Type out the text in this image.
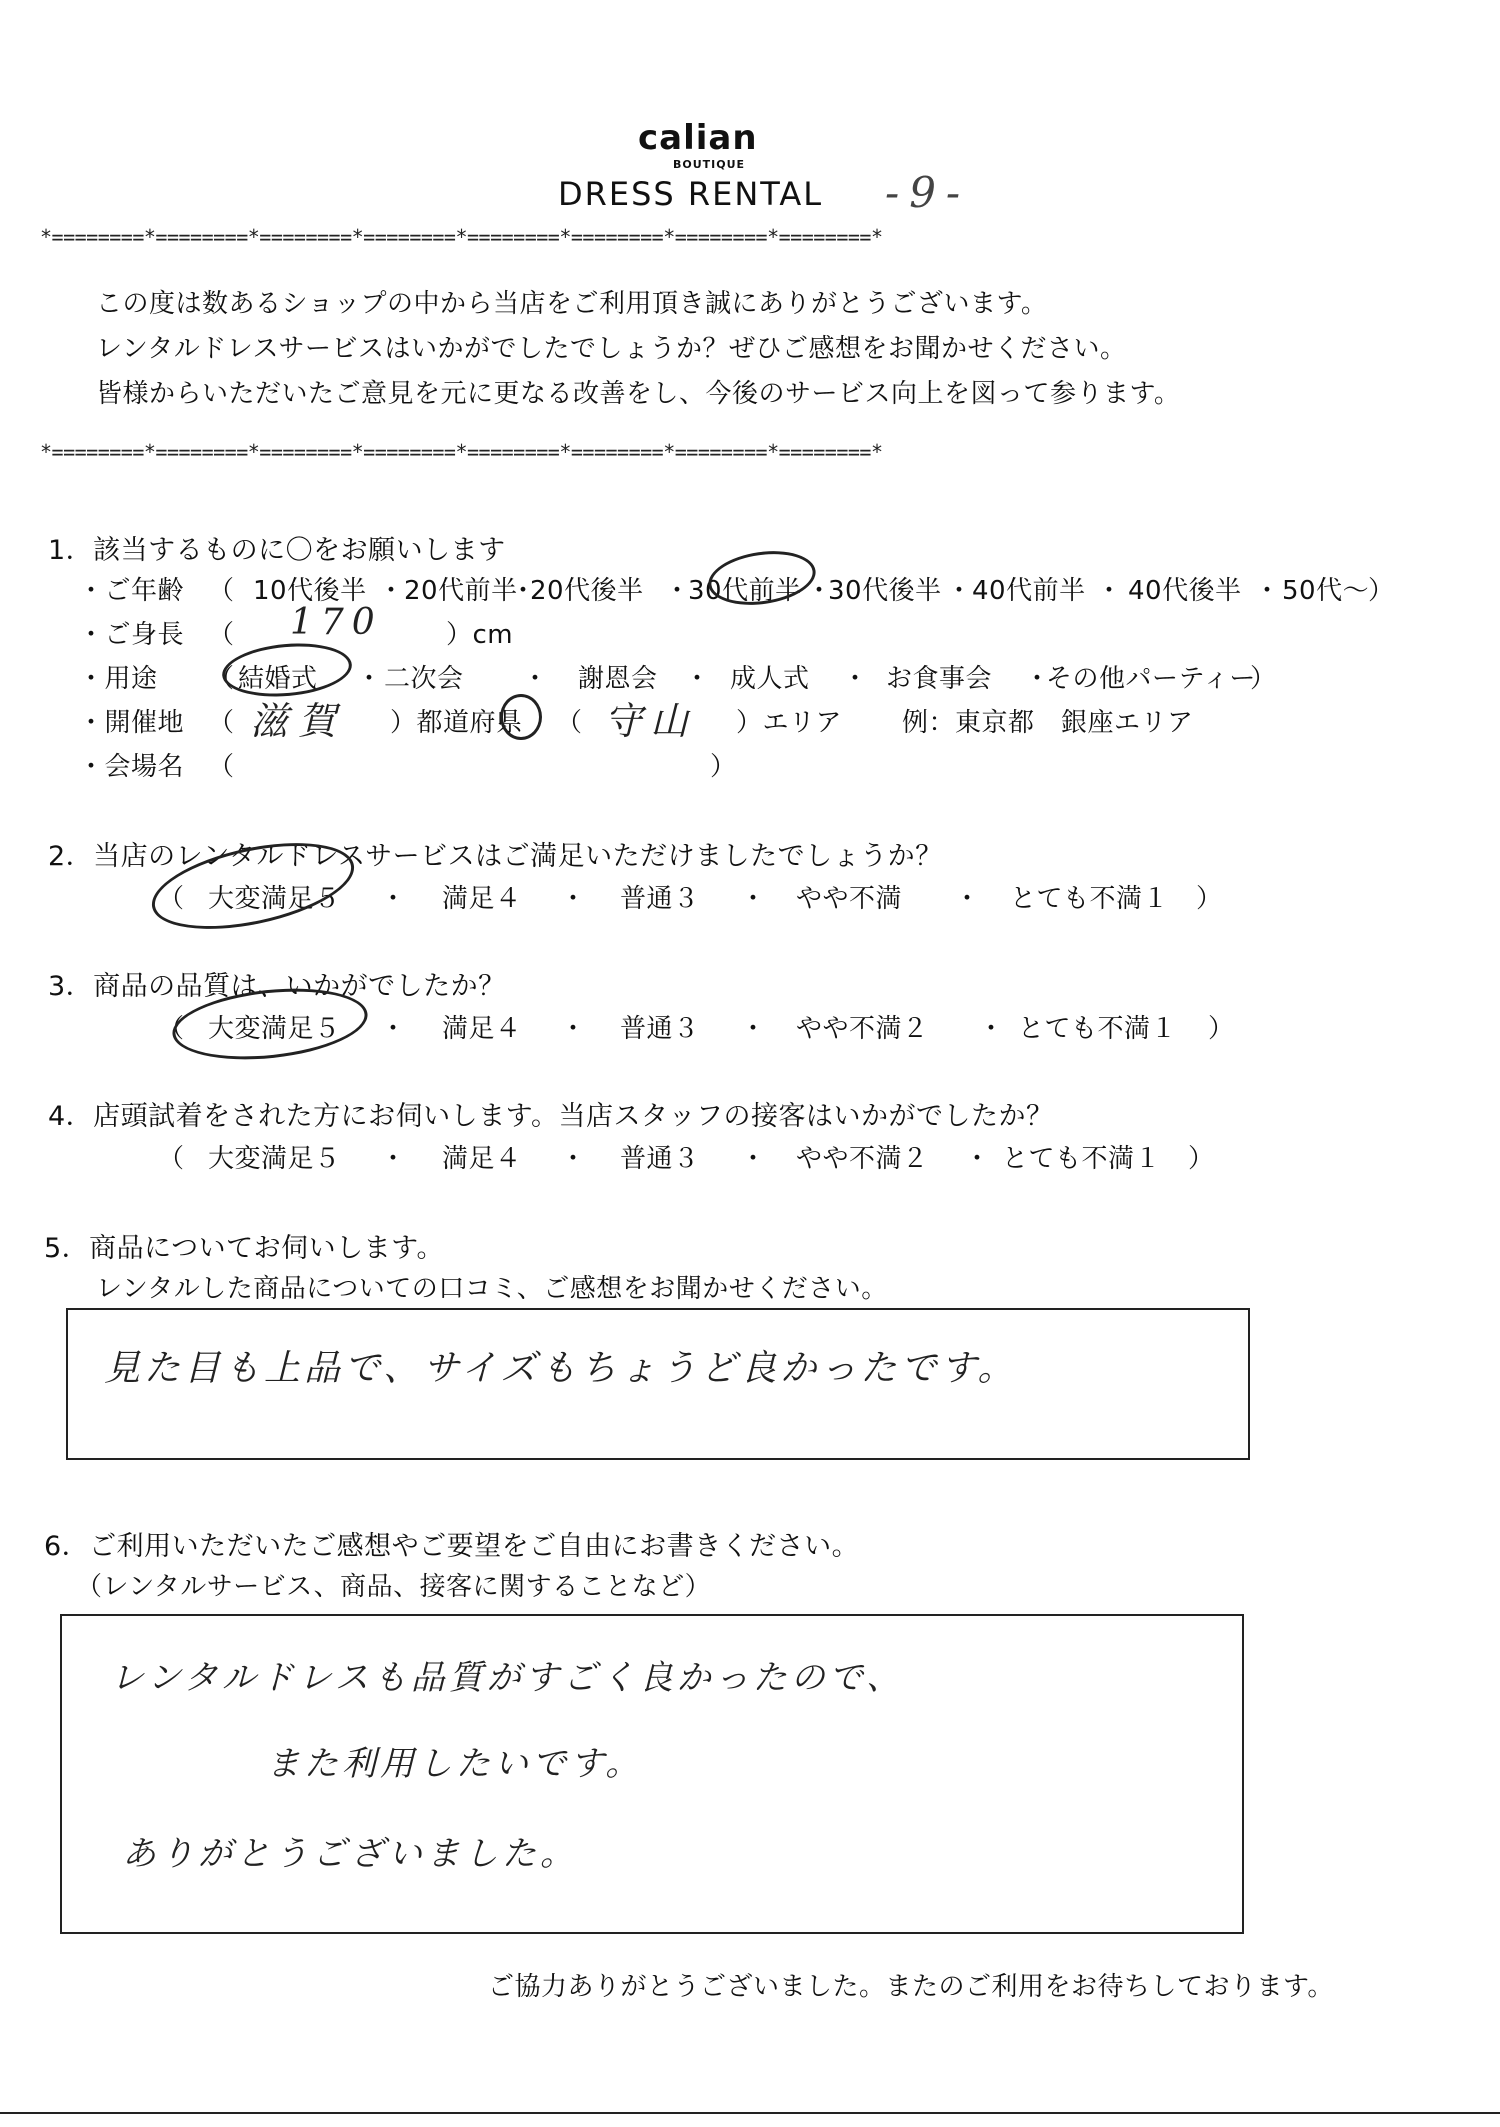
calian
BOUTIQUE
DRESS RENTAL -9-
*========*========*========*========*========*========*========*========*
この度は数あるショップの中から当店をご利用頂き誠にありがとうございます。
レンタルドレスサービスはいかがでしたでしょうか？ぜひご感想をお聞かせください。
皆様からいただいたご意見を元に更なる改善をし、今後のサービス向上を図って参ります。
*========*========*========*========*========*========*========*========*
1．該当するものに〇をお願いします
・ご年齢 （ 10代後半 ・ 20代前半
・
20代後半 ・
30代前半 ・
30代後半 ・ 40代前半 ・ 40代後半 ・ 50代～
）
・ご身長 （ 170 ）cm
・用途 （ 結婚式 ・ 二次会 ・ 謝恩会 ・ 成人式 ・ お食事会 ・
その他パーティー
）
・開催地 （ 滋賀 ）都道府県 （ 守山 ）エリア 例：東京都　銀座エリア
・会場名 （	）
2．当店のレンタルドレスサービスはご満足いただけましたでしょうか？
（ 大変満足５ ・ 満足４ ・ 普通３ ・ やや不満 ・ とても不満１ ）
3．商品の品質は、いかがでしたか？
（ 大変満足５ ・ 満足４ ・ 普通３ ・ やや不満２ ・ とても不満１ ）
4．店頭試着をされた方にお伺いします。当店スタッフの接客はいかがでしたか？
（ 大変満足５ ・ 満足４ ・ 普通３ ・ やや不満２ ・ とても不満１ ）
5．商品についてお伺いします。
レンタルした商品についての口コミ、ご感想をお聞かせください。
見た目も上品で、サイズもちょうど良かったです。
6．ご利用いただいたご感想やご要望をご自由にお書きください。
（レンタルサービス、商品、接客に関することなど）
レンタルドレスも品質がすごく良かったので、
また利用したいです。
ありがとうございました。
ご協力ありがとうございました。またのご利用をお待ちしております。
